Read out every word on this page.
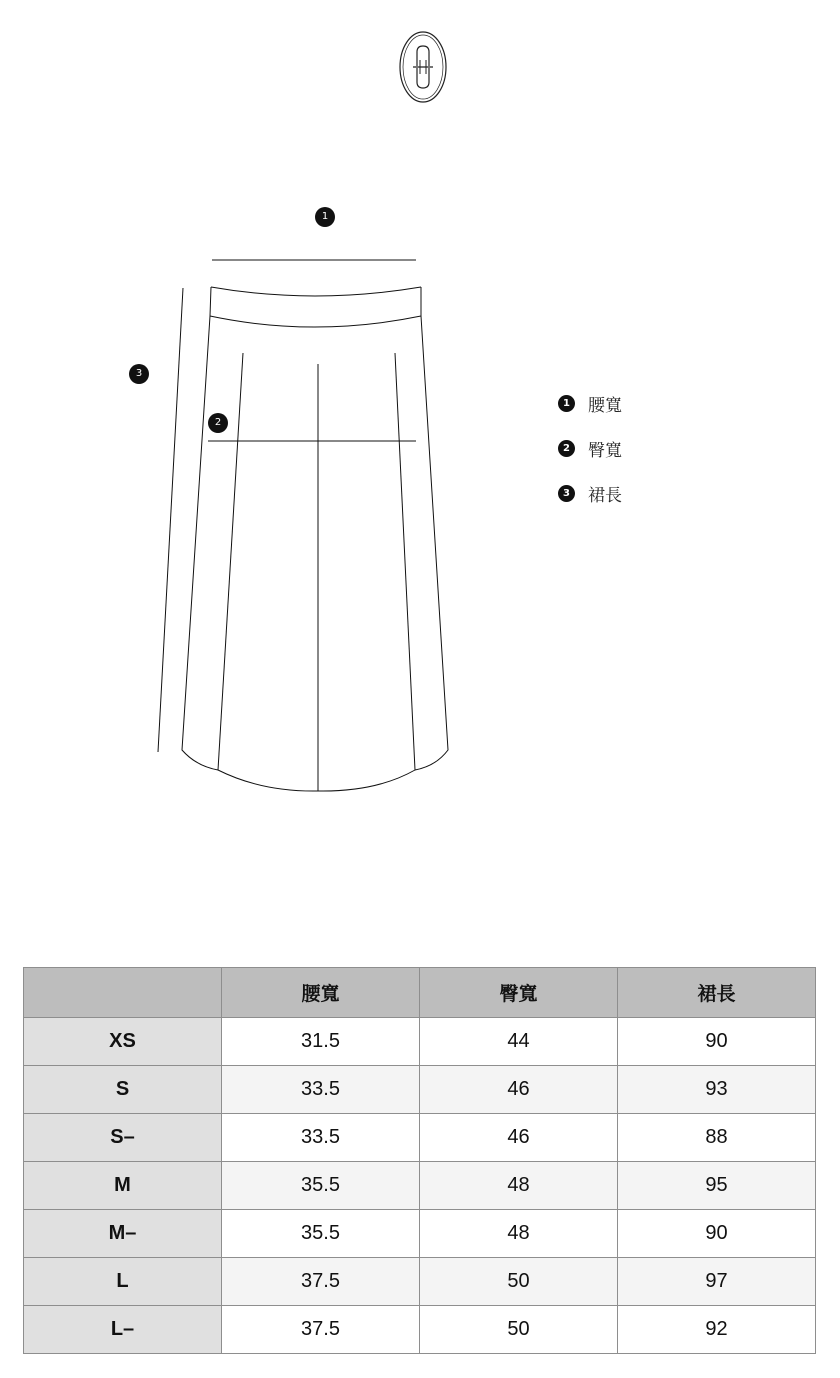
1
2
3
1 腰寬
2 臀寬
3 裙長
	腰寬	臀寬	裙長
XS	31.5	44	90
S	33.5	46	93
S–	33.5	46	88
M	35.5	48	95
M–	35.5	48	90
L	37.5	50	97
L–	37.5	50	92
